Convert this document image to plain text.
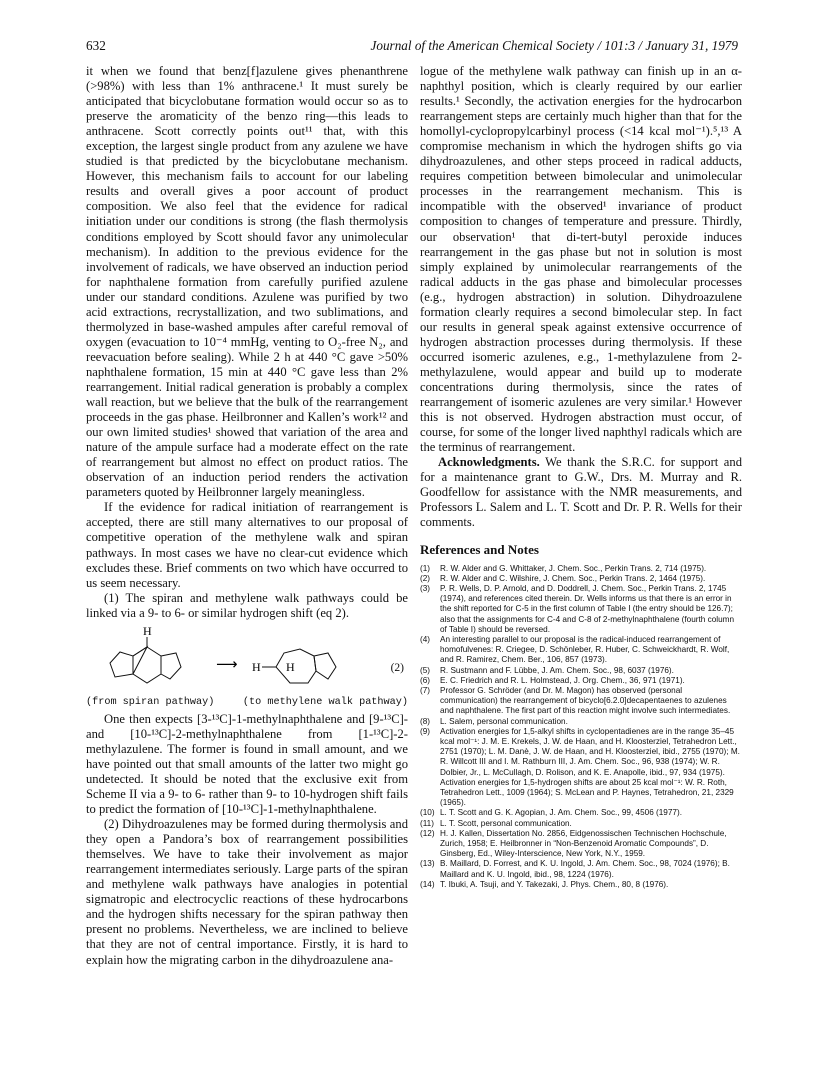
632	Journal of the American Chemical Society / 101:3 / January 31, 1979

it when we found that benz[f]azulene gives phenanthrene (>98%) with less than 1% anthracene.¹ It must surely be anticipated that bicyclobutane formation would occur so as to preserve the aromaticity of the benzo ring—this leads to anthracene. Scott correctly points out¹¹ that, with this exception, the largest single product from any azulene we have studied is that predicted by the bicyclobutane mechanism. However, this mechanism fails to account for our labeling results and overall gives a poor account of product composition. We also feel that the evidence for radical initiation under our conditions is strong (the flash thermolysis conditions employed by Scott should favor any unimolecular mechanism). In addition to the previous evidence for the involvement of radicals, we have observed an induction period for naphthalene formation from carefully purified azulene under our standard conditions. Azulene was purified by two acid extractions, recrystallization, and two sublimations, and thermolyzed in base-washed ampules after careful removal of oxygen (evacuation to 10⁻⁴ mmHg, venting to O₂-free N₂, and reevacuation before sealing). While 2 h at 440 °C gave >50% naphthalene formation, 15 min at 440 °C gave less than 2% rearrangement. Initial radical generation is probably a complex wall reaction, but we believe that the bulk of the rearrangement proceeds in the gas phase. Heilbronner and Kallen’s work¹² and our own limited studies¹ showed that variation of the area and nature of the ampule surface had a moderate effect on the rate of rearrangement but almost no effect on product ratios. The observation of an induction period renders the activation parameters quoted by Heilbronner largely meaningless.

If the evidence for radical initiation of rearrangement is accepted, there are still many alternatives to our proposal of competitive operation of the methylene walk and spiran pathways. In most cases we have no clear-cut evidence which excludes these. Brief comments on two which have occurred to us seem necessary.

(1) The spiran and methylene walk pathways could be linked via a 9- to 6- or similar hydrogen shift (eq 2).

H
⟶ H H	(2)
(from spiran pathway)	(to methylene walk pathway)

One then expects [3-¹³C]-1-methylnaphthalene and [9-¹³C]- and [10-¹³C]-2-methylnaphthalene from [1-¹³C]-2-methylazulene. The former is found in small amount, and we have pointed out that small amounts of the latter two might go undetected. It should be noted that the exclusive exit from Scheme II via a 9- to 6- rather than 9- to 10-hydrogen shift fails to predict the formation of [10-¹³C]-1-methylnaphthalene.

(2) Dihydroazulenes may be formed during thermolysis and they open a Pandora’s box of rearrangement possibilities themselves. We have to take their involvement as major rearrangement intermediates seriously. Large parts of the spiran and methylene walk pathways have analogies in potential sigmatropic and electrocyclic reactions of these hydrocarbons and the hydrogen shifts necessary for the spiran pathway then present no problems. Nevertheless, we are inclined to believe that they are not of central importance. Firstly, it is hard to explain how the migrating carbon in the dihydroazulene ana-

logue of the methylene walk pathway can finish up in an α-naphthyl position, which is clearly required by our earlier results.¹ Secondly, the activation energies for the hydrocarbon rearrangement steps are certainly much higher than that for the homollyl-cyclopropylcarbinyl process (<14 kcal mol⁻¹).⁵,¹³ A compromise mechanism in which the hydrogen shifts go via dihydroazulenes, and other steps proceed in radical adducts, requires competition between bimolecular and unimolecular processes in the rearrangement mechanism. This is incompatible with the observed¹ invariance of product composition to changes of temperature and pressure. Thirdly, our observation¹ that di-tert-butyl peroxide induces rearrangement in the gas phase but not in solution is most simply explained by unimolecular rearrangements of the radical adducts in the gas phase and bimolecular processes (e.g., hydrogen abstraction) in solution. Dihydroazulene formation clearly requires a second bimolecular step. In fact our results in general speak against extensive occurrence of hydrogen abstraction processes during thermolysis. If these occurred isomeric azulenes, e.g., 1-methylazulene from 2-methylazulene, would appear and build up to moderate concentrations during thermolysis, since the rates of rearrangement of isomeric azulenes are very similar.¹ However this is not observed. Hydrogen abstraction must occur, of course, for some of the longer lived naphthyl radicals which are the terminus of rearrangement.

Acknowledgments. We thank the S.R.C. for support and for a maintenance grant to G.W., Drs. M. Murray and R. Goodfellow for assistance with the NMR measurements, and Professors L. Salem and L. T. Scott and Dr. P. R. Wells for their comments.

References and Notes
(1)	R. W. Alder and G. Whittaker, J. Chem. Soc., Perkin Trans. 2, 714 (1975).
(2)	R. W. Alder and C. Wilshire, J. Chem. Soc., Perkin Trans. 2, 1464 (1975).
(3)	P. R. Wells, D. P. Arnold, and D. Doddrell, J. Chem. Soc., Perkin Trans. 2, 1745 (1974), and references cited therein. Dr. Wells informs us that there is an error in the shift reported for C-5 in the first column of Table I (the entry should be 126.7); also that the assignments for C-4 and C-8 of 2-methylnaphthalene (fourth column of Table I) should be reversed.
(4)	An interesting parallel to our proposal is the radical-induced rearrangement of homofulvenes: R. Criegee, D. Schönleber, R. Huber, C. Schweickhardt, R. Wolf, and R. Ramirez, Chem. Ber., 106, 857 (1973).
(5)	R. Sustmann and F. Lübbe, J. Am. Chem. Soc., 98, 6037 (1976).
(6)	E. C. Friedrich and R. L. Holmstead, J. Org. Chem., 36, 971 (1971).
(7)	Professor G. Schröder (and Dr. M. Magon) has observed (personal communication) the rearrangement of bicyclo[6.2.0]decapentaenes to azulenes and naphthalene. The first part of this reaction might involve such intermediates.
(8)	L. Salem, personal communication.
(9)	Activation energies for 1,5-alkyl shifts in cyclopentadienes are in the range 35–45 kcal mol⁻¹: J. M. E. Krekels, J. W. de Haan, and H. Kloosterziel, Tetrahedron Lett., 2751 (1970); L. M. Danè, J. W. de Haan, and H. Kloosterziel, ibid., 2755 (1970); M. R. Willcott III and I. M. Rathburn III, J. Am. Chem. Soc., 96, 938 (1974); W. R. Dolbier, Jr., L. McCullagh, D. Rolison, and K. E. Anapolle, ibid., 97, 934 (1975). Activation energies for 1,5-hydrogen shifts are about 25 kcal mol⁻¹: W. R. Roth, Tetrahedron Lett., 1009 (1964); S. McLean and P. Haynes, Tetrahedron, 21, 2329 (1965).
(10) L. T. Scott and G. K. Agopian, J. Am. Chem. Soc., 99, 4506 (1977).
(11) L. T. Scott, personal communication.
(12) H. J. Kallen, Dissertation No. 2856, Eidgenossischen Technischen Hochschule, Zurich, 1958; E. Heilbronner in “Non-Benzenoid Aromatic Compounds”, D. Ginsberg, Ed., Wiley-Interscience, New York, N.Y., 1959.
(13) B. Maillard, D. Forrest, and K. U. Ingold, J. Am. Chem. Soc., 98, 7024 (1976); B. Maillard and K. U. Ingold, ibid., 98, 1224 (1976).
(14) T. Ibuki, A. Tsuji, and Y. Takezaki, J. Phys. Chem., 80, 8 (1976).
